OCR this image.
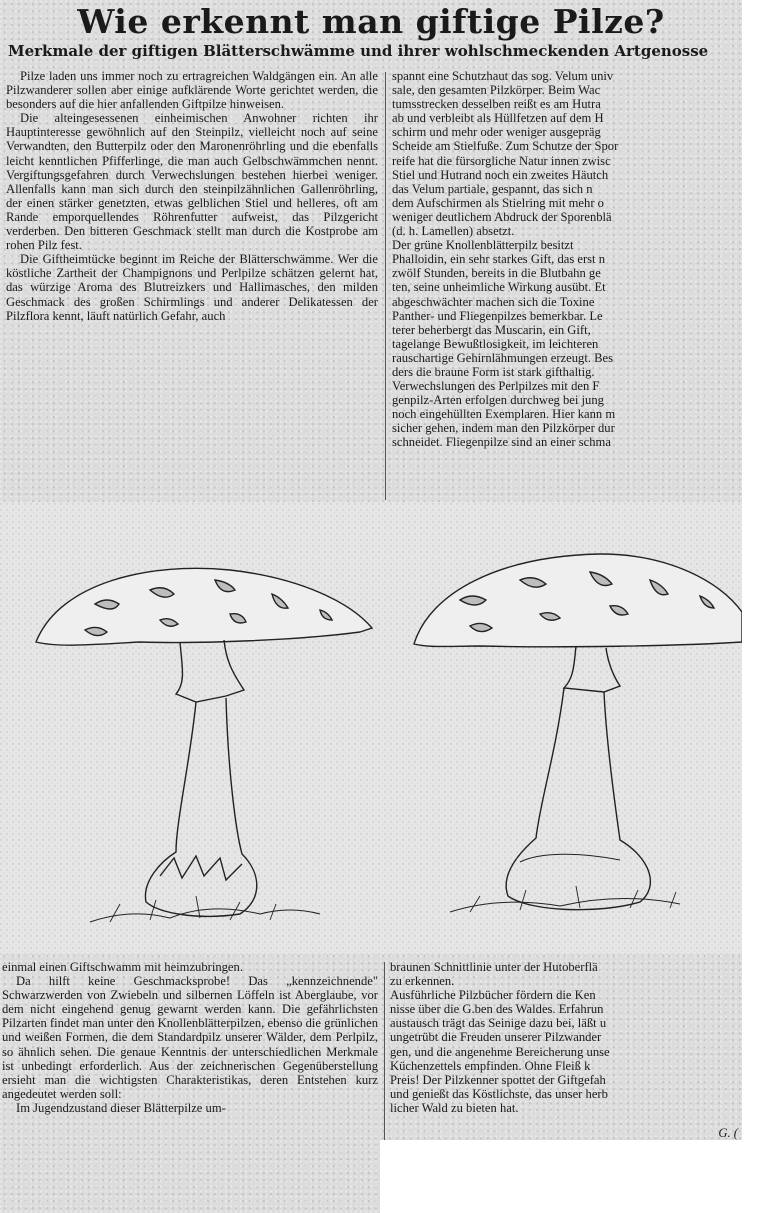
Wie erkennt man giftige Pilze?
Merkmale der giftigen Blätterschwämme und ihrer wohlschmeckenden Artgenosse

Pilze laden uns immer noch zu ertragreichen Waldgängen ein. An alle Pilzwanderer sollen aber einige aufklärende Worte gerichtet werden, die besonders auf die hier anfallenden Giftpilze hinweisen.

Die alteingesessenen einheimischen Anwohner richten ihr Hauptinteresse gewöhnlich auf den Steinpilz, vielleicht noch auf seine Verwandten, den Butterpilz oder den Maronenröhrling und die ebenfalls leicht kenntlichen Pfifferlinge, die man auch Gelbschwämmchen nennt. Vergiftungsgefahren durch Verwechslungen bestehen hierbei weniger. Allenfalls kann man sich durch den steinpilzähnlichen Gallenröhrling, der einen stärker genetzten, etwas gelblichen Stiel und helleres, oft am Rande emporquellendes Röhrenfutter aufweist, das Pilzgericht verderben. Den bitteren Geschmack stellt man durch die Kostprobe am rohen Pilz fest.

Die Giftheimtücke beginnt im Reiche der Blätterschwämme. Wer die köstliche Zartheit der Champignons und Perlpilze schätzen gelernt hat, das würzige Aroma des Blutreizkers und Hallimasches, den milden Geschmack des großen Schirmlings und anderer Delikatessen der Pilzflora kennt, läuft natürlich Gefahr, auch

spannt eine Schutzhaut das sog. Velum univ

sale, den gesamten Pilzkörper. Beim Wac

tumsstrecken desselben reißt es am Hutra

ab und verbleibt als Hüllfetzen auf dem H

schirm und mehr oder weniger ausgepräg

Scheide am Stielfuße. Zum Schutze der Spor

reife hat die fürsorgliche Natur innen zwisc

Stiel und Hutrand noch ein zweites Häutch

das Velum partiale, gespannt, das sich n

dem Aufschirmen als Stielring mit mehr o

weniger deutlichem Abdruck der Sporenblä

(d. h. Lamellen) absetzt.

Der grüne Knollenblätterpilz besitzt

Phalloidin, ein sehr starkes Gift, das erst n

zwölf Stunden, bereits in die Blutbahn ge

ten, seine unheimliche Wirkung ausübt. Et

abgeschwächter machen sich die Toxine

Panther- und Fliegenpilzes bemerkbar. Le

terer beherbergt das Muscarin, ein Gift,

tagelange Bewußtlosigkeit, im leichteren

rauschartige Gehirnlähmungen erzeugt. Bes

ders die braune Form ist stark gifthaltig.

Verwechslungen des Perlpilzes mit den F

genpilz-Arten erfolgen durchweg bei jung

noch eingehüllten Exemplaren. Hier kann m

sicher gehen, indem man den Pilzkörper dur

schneidet. Fliegenpilze sind an einer schma

einmal einen Giftschwamm mit heimzubringen.

Da hilft keine Geschmacksprobe! Das „kennzeichnende" Schwarzwerden von Zwiebeln und silbernen Löffeln ist Aberglaube, vor dem nicht eingehend genug gewarnt werden kann. Die gefährlichsten Pilzarten findet man unter den Knollenblätterpilzen, ebenso die grünlichen und weißen Formen, die dem Standardpilz unserer Wälder, dem Perlpilz, so ähnlich sehen. Die genaue Kenntnis der unterschiedlichen Merkmale ist unbedingt erforderlich. Aus der zeichnerischen Gegenüberstellung ersieht man die wichtigsten Charakteristikas, deren Entstehen kurz angedeutet werden soll:

Im Jugendzustand dieser Blätterpilze um-

braunen Schnittlinie unter der Hutoberflä

zu erkennen.

Ausführliche Pilzbücher fördern die Ken

nisse über die G.ben des Waldes. Erfahrun

austausch trägt das Seinige dazu bei, läßt u

ungetrübt die Freuden unserer Pilzwander

gen, und die angenehme Bereicherung unse

Küchenzettels empfinden. Ohne Fleiß k

Preis! Der Pilzkenner spottet der Giftgefah

und genießt das Köstlichste, das unser herb

licher Wald zu bieten hat.

G. (
